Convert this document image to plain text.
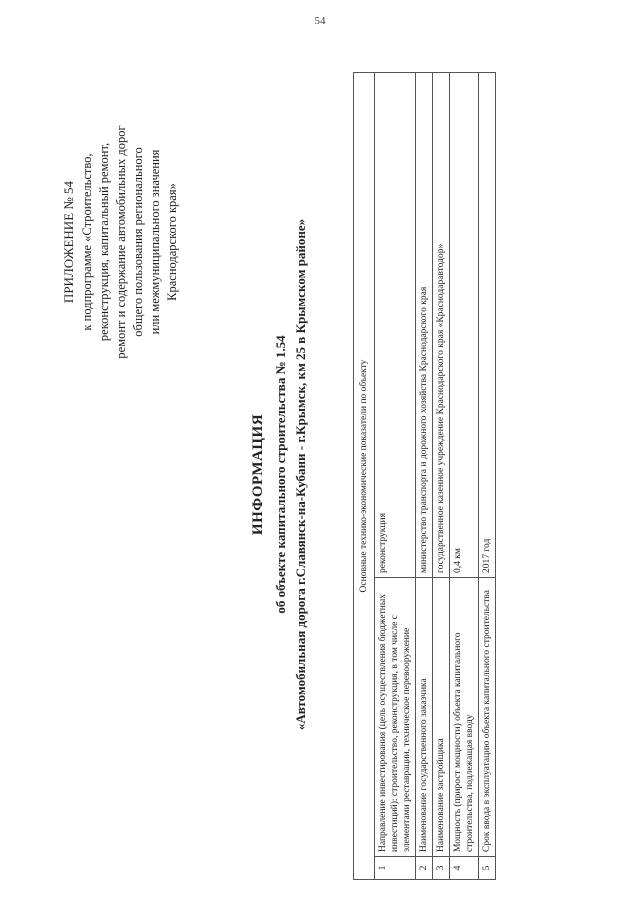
54
ПРИЛОЖЕНИЕ № 54 к подпрограмме «Строительство, реконструкция, капитальный ремонт, ремонт и содержание автомобильных дорог общего пользования регионального или межмуниципального значения Краснодарского края»
ИНФОРМАЦИЯ об объекте капитального строительства № 1.54 «Автомобильная дорога г.Славянск-на-Кубани - г.Крымск, км 25 в Крымском районе»	Основные технико-экономические показатели по объекту		
1	Направление инвестирования (цель осуществления бюджетных инвестиций): строительство, реконструкция, в том числе с элементами реставрации, техническое перевооружение	реконструкция
2	Наименование государственного заказчика	министерство транспорта и дорожного хозяйства Краснодарского края
3	Наименование застройщика	государственное казенное учреждение Краснодарского края «Краснодаравтодор»
4	Мощность (прирост мощности) объекта капитального строительства, подлежащая вводу	0,4 км
5	Срок ввода в эксплуатацию объекта капитального строительства	2017 год
